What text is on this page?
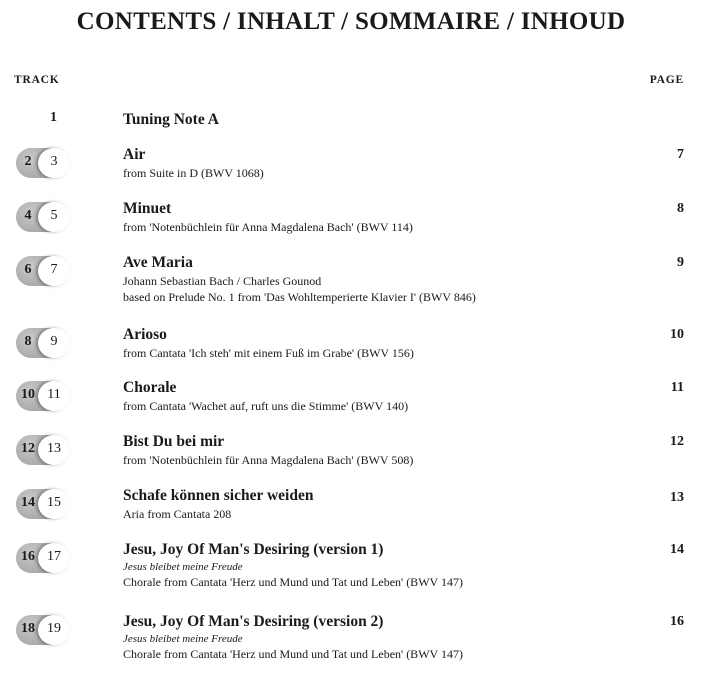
CONTENTS / INHALT / SOMMAIRE / INHOUD
TRACK	PAGE
1	Tuning Note A
2	3	Air
from Suite in D (BWV 1068)
7
4	5	Minuet
from 'Notenbüchlein für Anna Magdalena Bach' (BWV 114)
8
6	7	Ave Maria
Johann Sebastian Bach / Charles Gounod
based on Prelude No. 1 from 'Das Wohltemperierte Klavier I' (BWV 846)
9
8	9	Arioso
from Cantata 'Ich steh' mit einem Fuß im Grabe' (BWV 156)
10
10 11	Chorale
from Cantata 'Wachet auf, ruft uns die Stimme' (BWV 140)
11
12 13	Bist Du bei mir
from 'Notenbüchlein für Anna Magdalena Bach' (BWV 508)
12
14 15	Schafe können sicher weiden
Aria from Cantata 208
13
16 17	Jesu, Joy Of Man's Desiring (version 1)
Jesus bleibet meine Freude
Chorale from Cantata 'Herz und Mund und Tat und Leben' (BWV 147)
14
18 19	Jesu, Joy Of Man's Desiring (version 2)
Jesus bleibet meine Freude
Chorale from Cantata 'Herz und Mund und Tat und Leben' (BWV 147)
16
